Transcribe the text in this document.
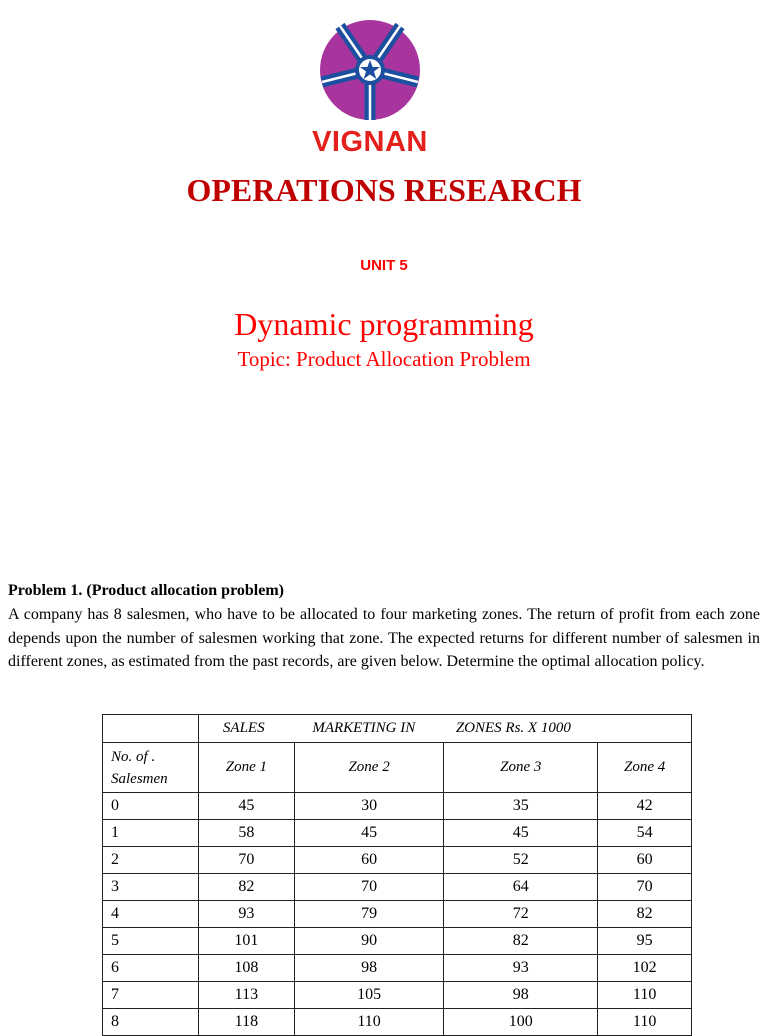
VIGNAN
OPERATIONS RESEARCH
UNIT 5
Dynamic programming
Topic: Product Allocation Problem
Problem 1. (Product allocation problem)

A company has 8 salesmen, who have to be allocated to four marketing zones. The return of profit from each zone depends upon the number of salesmen working that zone. The expected returns for different number of salesmen in different zones, as estimated from the past records, are given below. Determine the optimal allocation policy.

	SALES	MARKETING IN	ZONES Rs. X 1000	

No. of .
Salesmen	Zone 1	Zone 2	Zone 3	Zone 4
0	45	30	35	42
1	58	45	45	54
2	70	60	52	60
3	82	70	64	70
4	93	79	72	82
5	101	90	82	95
6	108	98	93	102
7	113	105	98	110
8	118	110	100	110
